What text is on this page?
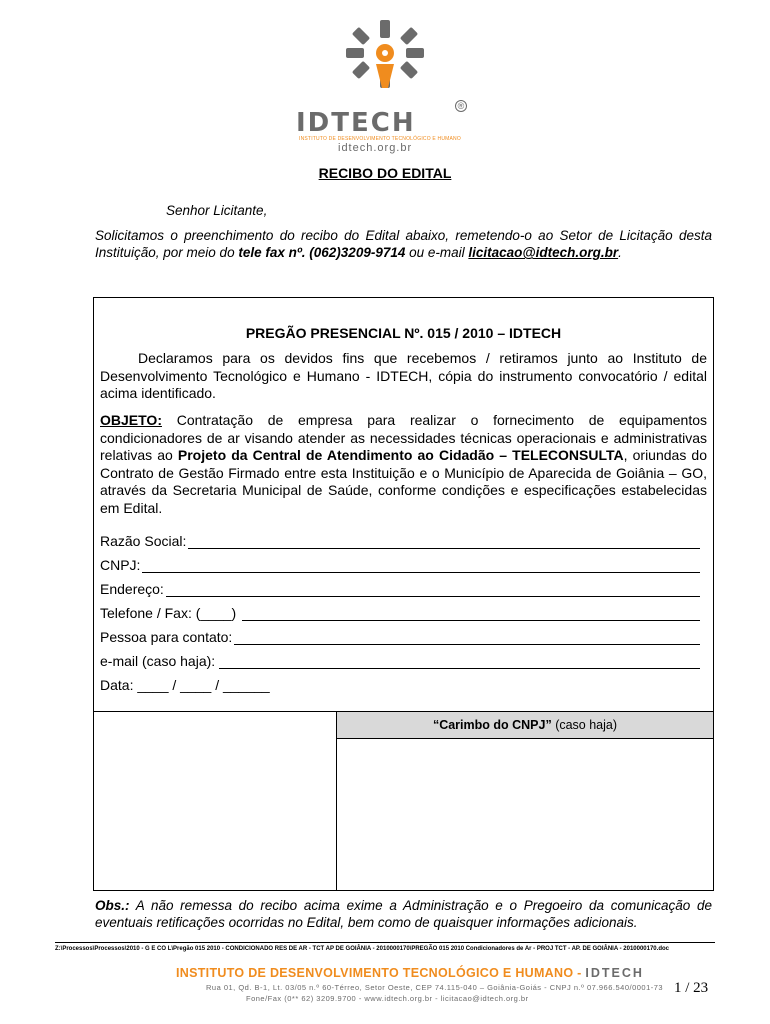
IDTECH
®
INSTITUTO DE DESENVOLVIMENTO TECNOLÓGICO E HUMANO
idtech.org.br
RECIBO DO EDITAL
Senhor Licitante,
Solicitamos o preenchimento do recibo do Edital abaixo, remetendo-o ao Setor de Licitação desta Instituição, por meio do tele fax nº. (062)3209-9714 ou e-mail licitacao@idtech.org.br.
PREGÃO PRESENCIAL Nº. 015 / 2010 – IDTECH
Declaramos para os devidos fins que recebemos / retiramos junto ao Instituto de Desenvolvimento Tecnológico e Humano - IDTECH, cópia do instrumento convocatório / edital acima identificado.
OBJETO: Contratação de empresa para realizar o fornecimento de equipamentos condicionadores de ar visando atender as necessidades técnicas operacionais e administrativas relativas ao Projeto da Central de Atendimento ao Cidadão – TELECONSULTA, oriundas do Contrato de Gestão Firmado entre esta Instituição e o Município de Aparecida de Goiânia – GO, através da Secretaria Municipal de Saúde, conforme condições e especificações estabelecidas em Edital.
Razão Social:
CNPJ:
Endereço:
Telefone / Fax: (____)
Pessoa para contato:
e-mail (caso haja):
Data: ____ / ____ / ______
“Carimbo do CNPJ” (caso haja)
Obs.: A não remessa do recibo acima exime a Administração e o Pregoeiro da comunicação de eventuais retificações ocorridas no Edital, bem como de quaisquer informações adicionais.
Z:\Processos\Processos\2010 - G E CO L\Pregão 015 2010 - CONDICIONADO RES DE AR - TCT AP DE GOIÂNIA - 2010000170\PREGÃO 015 2010 Condicionadores de Ar - PROJ TCT - AP. DE GOIÂNIA - 2010000170.doc
INSTITUTO DE DESENVOLVIMENTO TECNOLÓGICO E HUMANO - IDTECH
Rua 01, Qd. B-1, Lt. 03/05 n.º 60-Térreo, Setor Oeste, CEP 74.115-040 – Goiânia-Goiás - CNPJ n.º 07.966.540/0001-73
Fone/Fax (0** 62) 3209.9700 - www.idtech.org.br - licitacao@idtech.org.br
1 / 23
